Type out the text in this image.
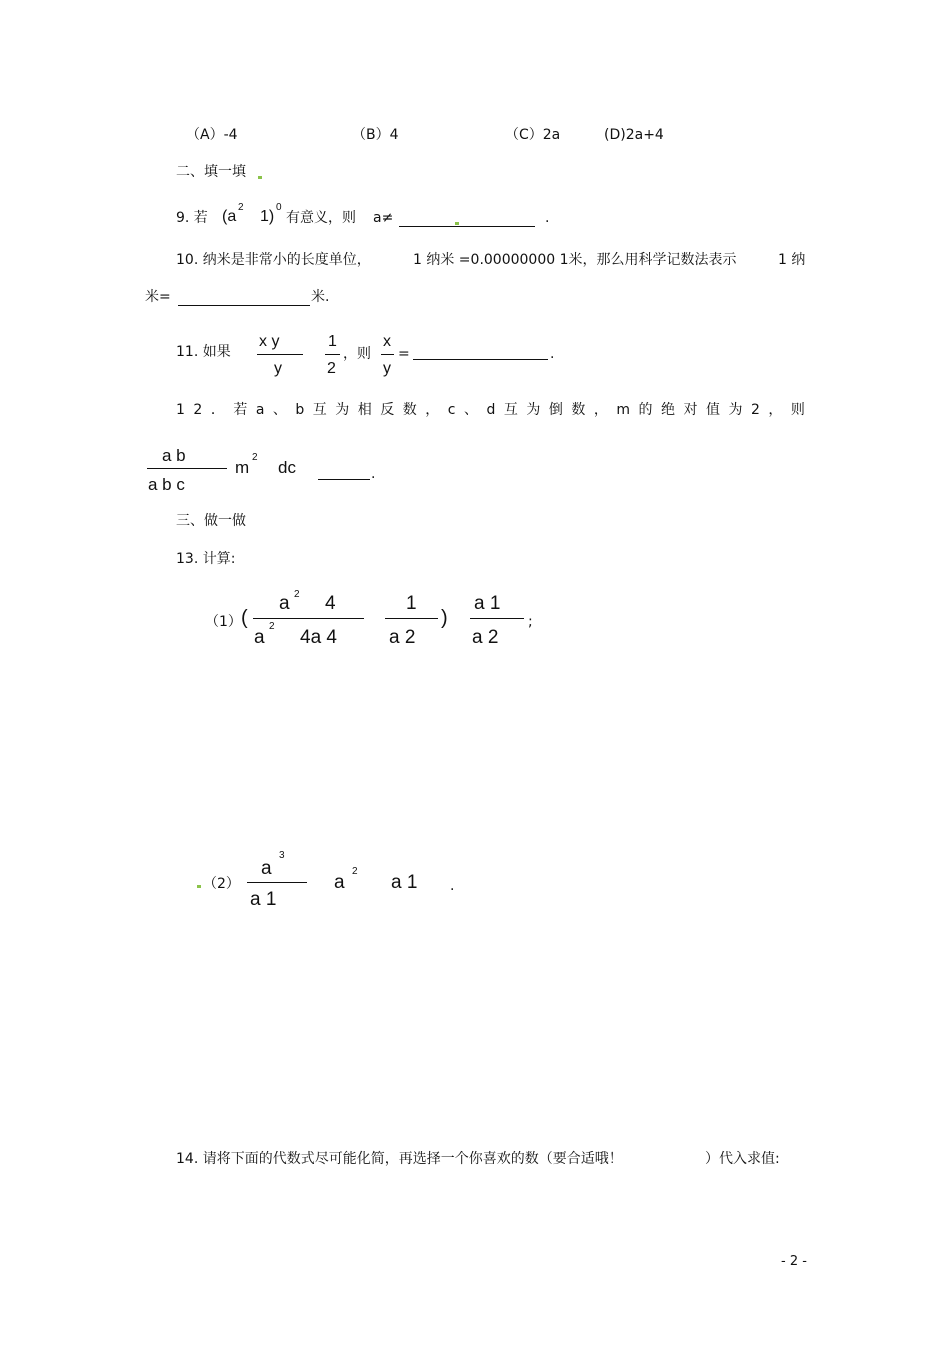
（A）-4	（B）4	（C）2a	(D)2a+4
二、填一填
9. 若 (a
2
1)
0
有意义，则 a≠	.
10. 纳米是非常小的长度单位，	1 纳米 =0.00000000 1米，那么用科学记数法表示	1 纳
米=	米.
11. 如果
x y
y
1
2
，则
x
y
=	.
12．若a、b互为相反数，c、d互为倒数，m的绝对值为2，则
a b
a b c
m
2
dc	.
三、做一做
13. 计算:
（1） (
a 2 4
a
2
4a 4
1
a 2
)
a 1
a 2
;
（2）
a
3
a 1
a
2
a 1 .
14. 请将下面的代数式尽可能化简，再选择一个你喜欢的数（要合适哦！	）代入求值:
- 2 -
